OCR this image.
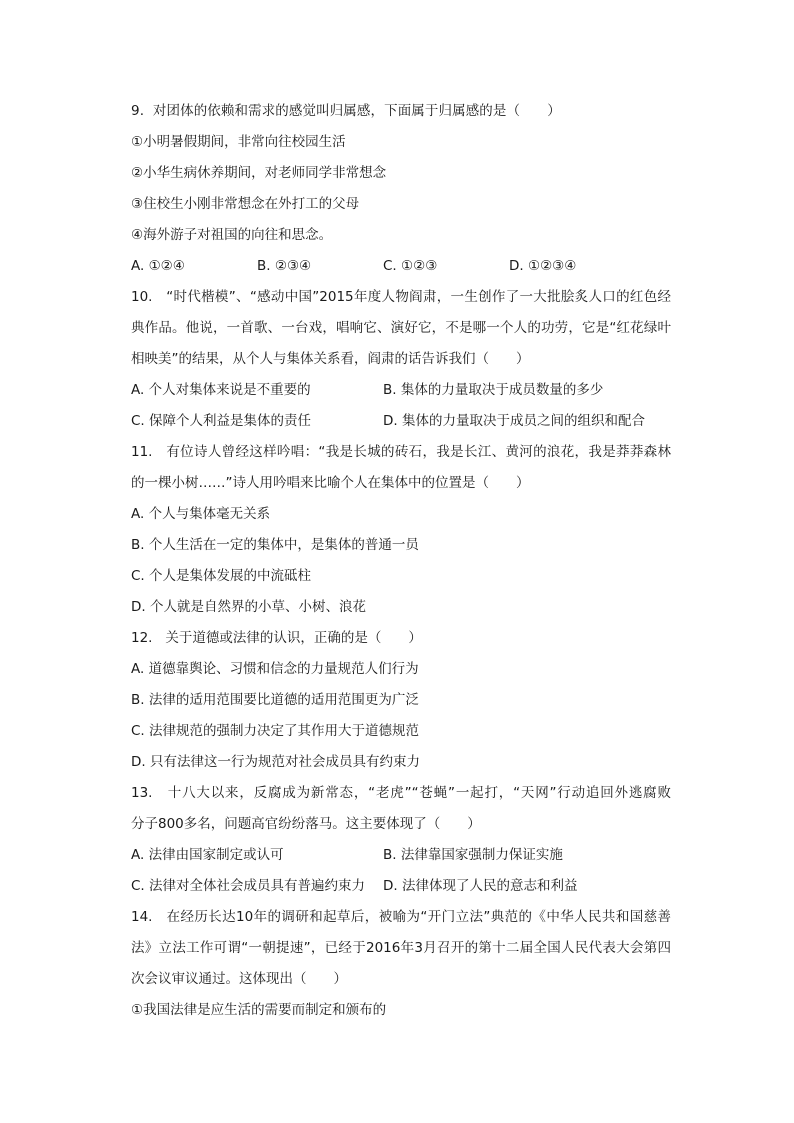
9. 对团体的依赖和需求的感觉叫归属感，下面属于归属感的是（　　）
①小明暑假期间，非常向往校园生活
②小华生病休养期间，对老师同学非常想念
③住校生小刚非常想念在外打工的父母
④海外游子对祖国的向往和思念。
A. ①②④	B. ②③④	C. ①②③	D. ①②③④
10. “时代楷模”、“感动中国”2015年度人物阎肃，一生创作了一大批脍炙人口的红色经
典作品。他说，一首歌、一台戏，唱响它、演好它，不是哪一个人的功劳，它是“红花绿叶
相映美”的结果，从个人与集体关系看，阎肃的话告诉我们（　　）
A. 个人对集体来说是不重要的	B. 集体的力量取决于成员数量的多少
C. 保障个人利益是集体的责任	D. 集体的力量取决于成员之间的组织和配合
11. 有位诗人曾经这样吟唱：“我是长城的砖石，我是长江、黄河的浪花，我是莽莽森林
的一棵小树……”诗人用吟唱来比喻个人在集体中的位置是（　　）
A. 个人与集体毫无关系
B. 个人生活在一定的集体中，是集体的普通一员
C. 个人是集体发展的中流砥柱
D. 个人就是自然界的小草、小树、浪花
12. 关于道德或法律的认识，正确的是（　　）
A. 道德靠舆论、习惯和信念的力量规范人们行为
B. 法律的适用范围要比道德的适用范围更为广泛
C. 法律规范的强制力决定了其作用大于道德规范
D. 只有法律这一行为规范对社会成员具有约束力
13. 十八大以来，反腐成为新常态，“老虎”“苍蝇”一起打，“天网”行动追回外逃腐败
分子800多名，问题高官纷纷落马。这主要体现了（　　）
A. 法律由国家制定或认可	B. 法律靠国家强制力保证实施
C. 法律对全体社会成员具有普遍约束力	D. 法律体现了人民的意志和利益
14. 在经历长达10年的调研和起草后，被喻为“开门立法”典范的《中华人民共和国慈善
法》立法工作可谓“一朝提速”，已经于2016年3月召开的第十二届全国人民代表大会第四
次会议审议通过。这体现出（　　）
①我国法律是应生活的需要而制定和颁布的
